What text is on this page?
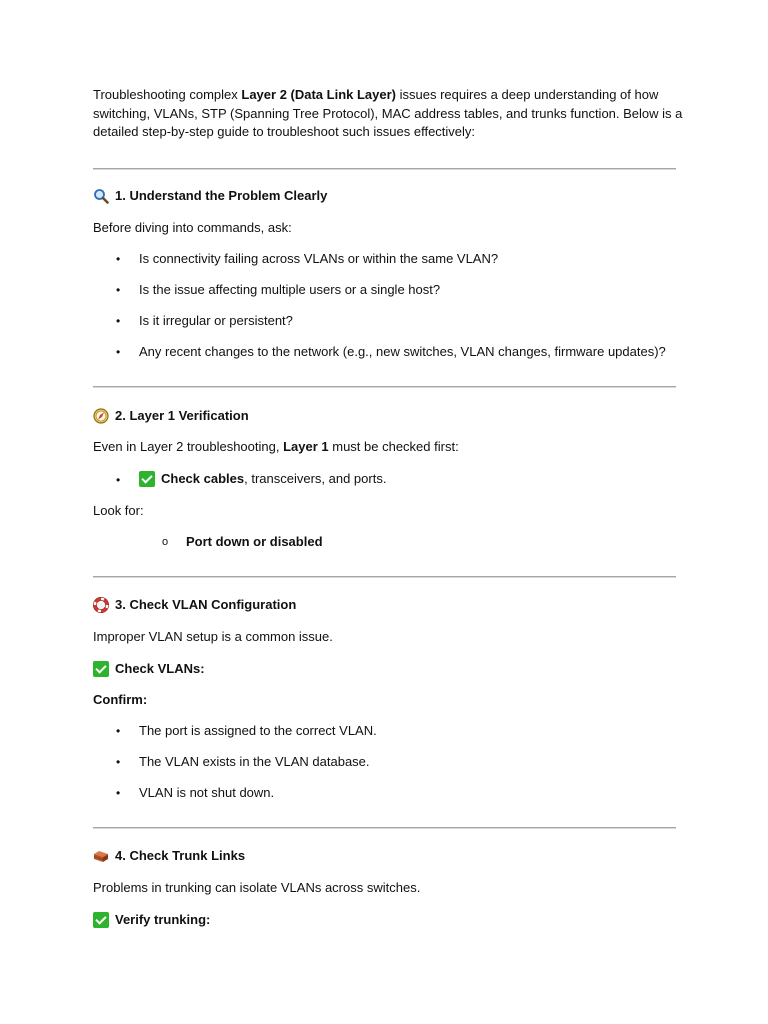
Troubleshooting complex Layer 2 (Data Link Layer) issues requires a deep understanding of how switching, VLANs, STP (Spanning Tree Protocol), MAC address tables, and trunks function. Below is a detailed step-by-step guide to troubleshoot such issues effectively:
1. Understand the Problem Clearly
Before diving into commands, ask:
• Is connectivity failing across VLANs or within the same VLAN?
• Is the issue affecting multiple users or a single host?
• Is it irregular or persistent?
• Any recent changes to the network (e.g., new switches, VLAN changes, firmware updates)?
2. Layer 1 Verification
Even in Layer 2 troubleshooting, Layer 1 must be checked first:
•	Check cables , transceivers, and ports.
Look for:
o Port down or disabled
3. Check VLAN Configuration
Improper VLAN setup is a common issue.
Check VLANs:
Confirm:
• The port is assigned to the correct VLAN.
• The VLAN exists in the VLAN database.
• VLAN is not shut down.
4. Check Trunk Links
Problems in trunking can isolate VLANs across switches.
Verify trunking:
